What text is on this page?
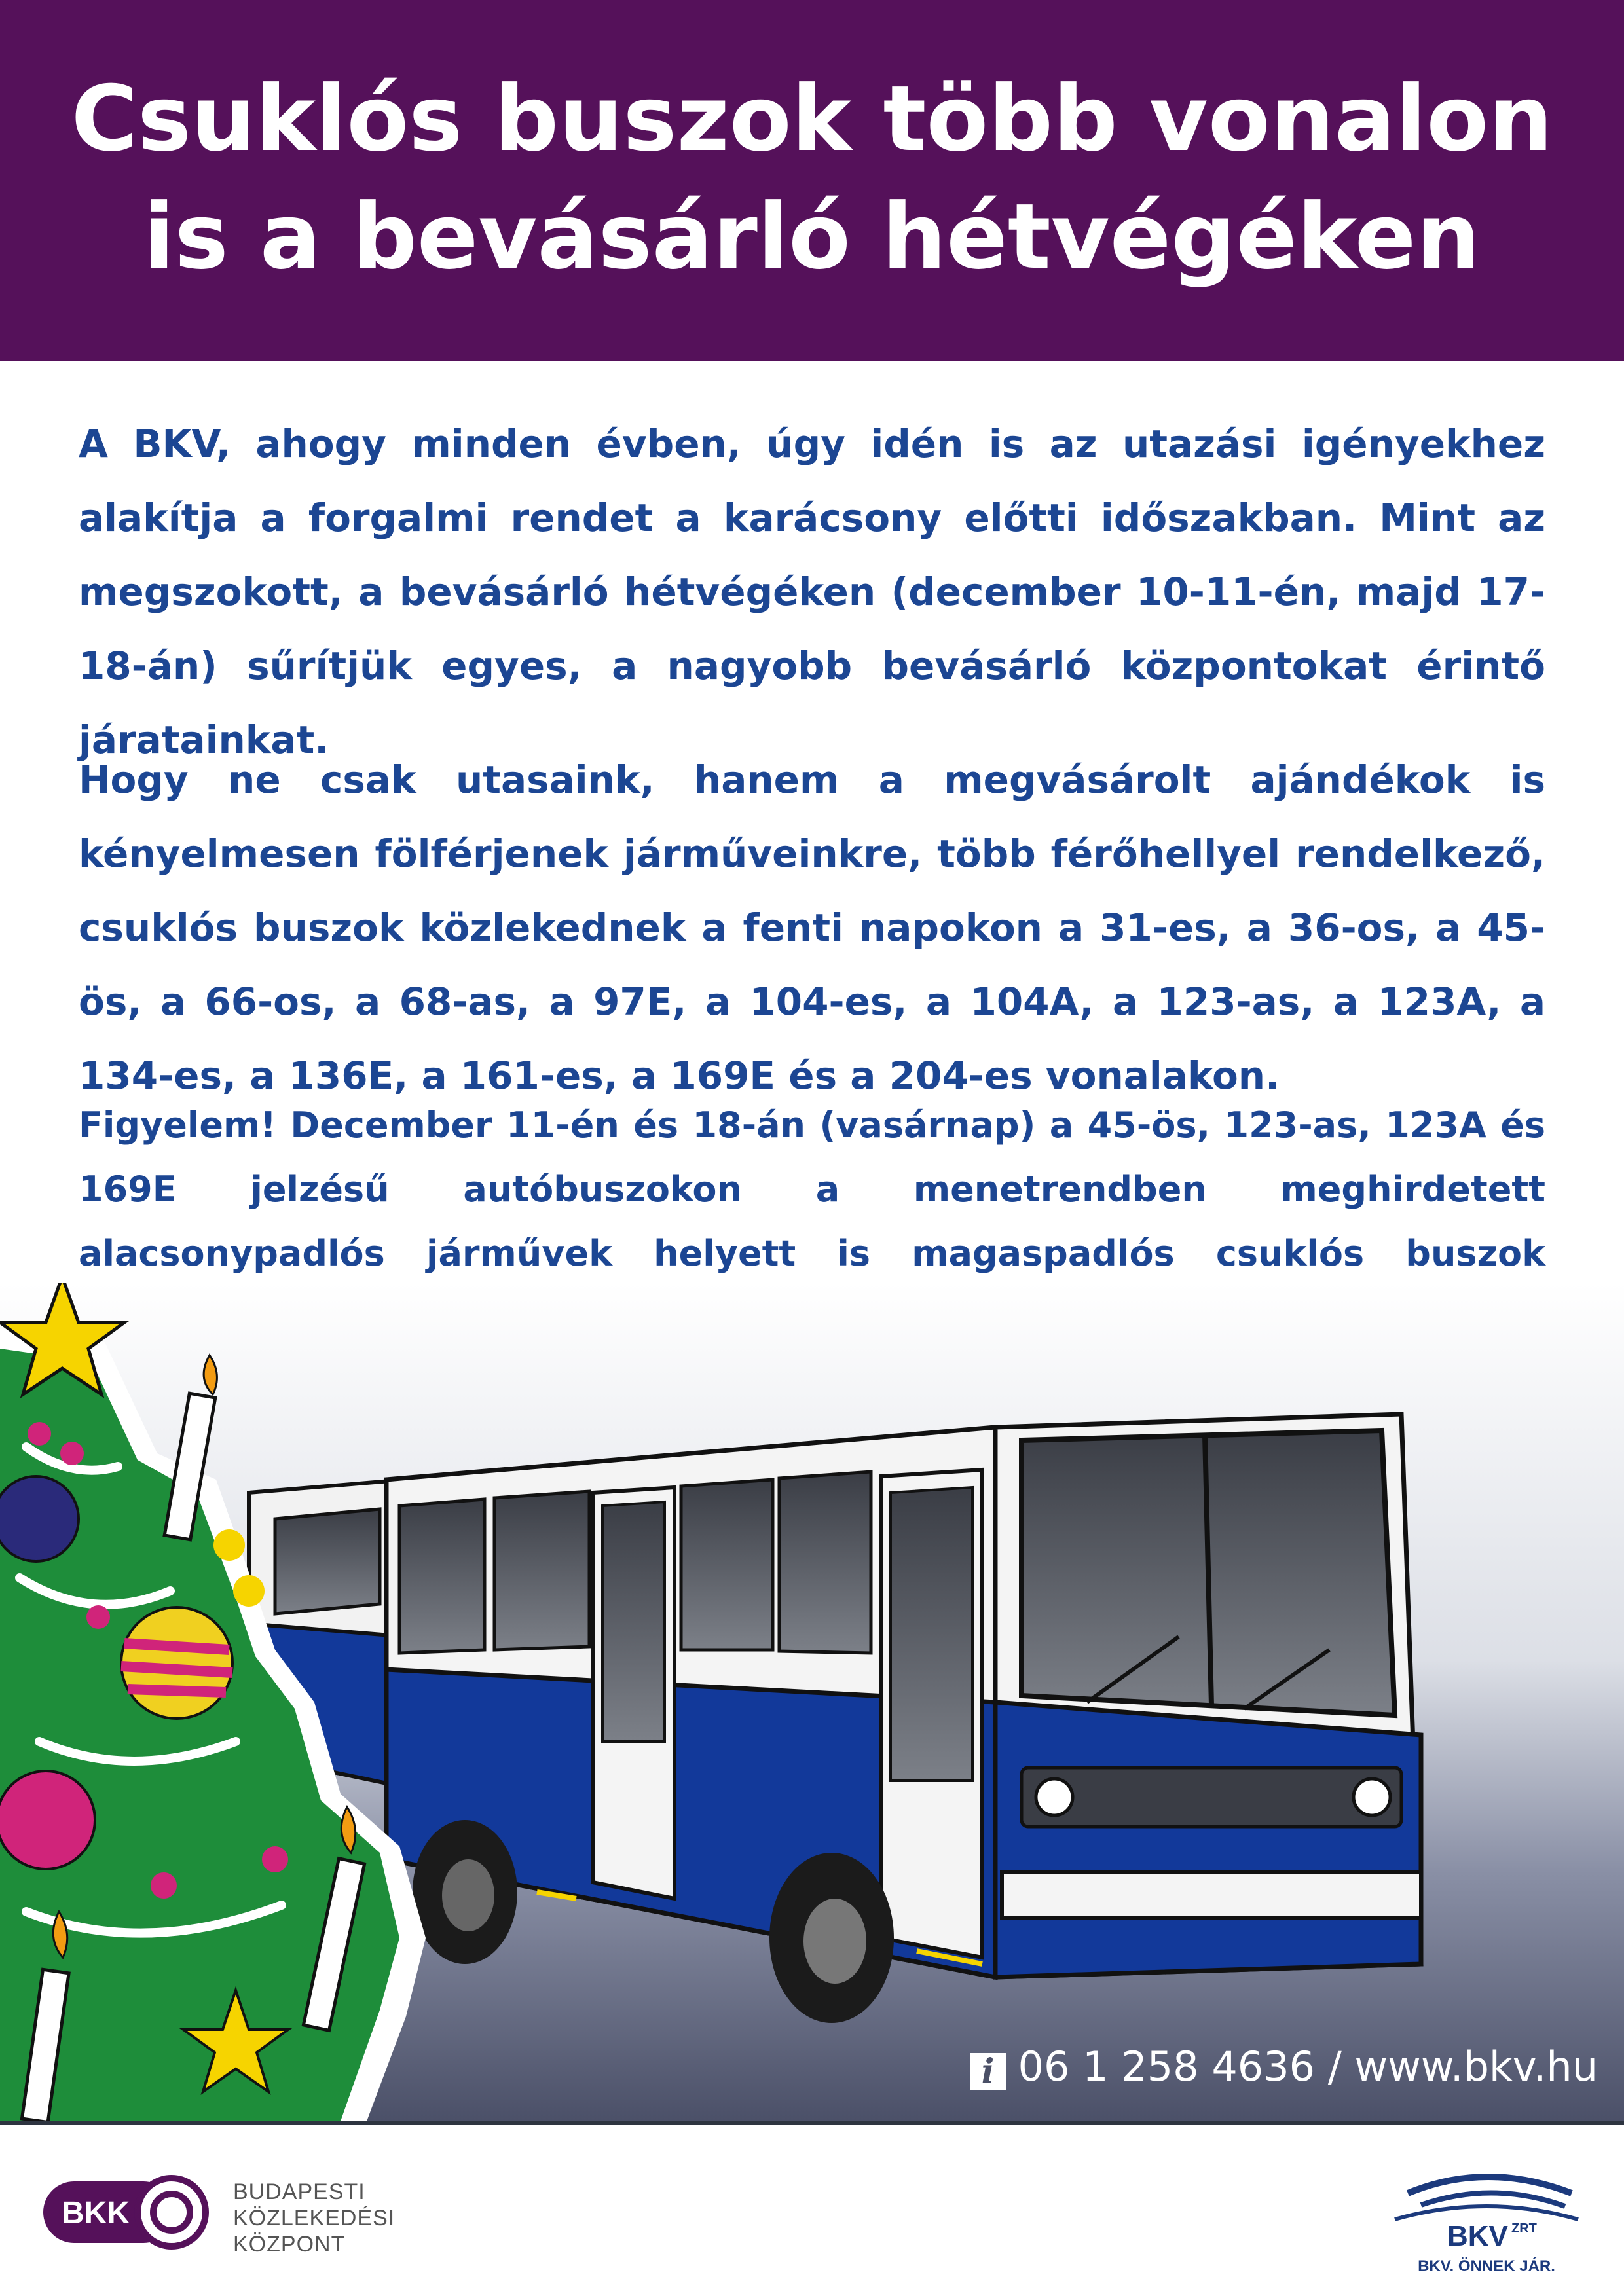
Csuklós buszok több vonalon
is a bevásárló hétvégéken
A BKV, ahogy minden évben, úgy idén is az utazási igényekhez alakítja a forgalmi rendet a karácsony előtti időszakban. Mint az megszokott, a bevásárló hétvégéken (december 10-11-én, majd 17-18-án) sűrítjük egyes, a nagyobb bevásárló központokat érintő járatainkat.
Hogy ne csak utasaink, hanem a megvásárolt ajándékok is kényelmesen fölférjenek járműveinkre, több férőhellyel rendelkező, csuklós buszok közlekednek a fenti napokon a 31-es, a 36-os, a 45-ös, a 66-os, a 68-as, a 97E, a 104-es, a 104A, a 123-as, a 123A, a 134-es, a 136E, a 161-es, a 169E és a 204-es vonalakon.
Figyelem! December 11-én és 18-án (vasárnap) a 45-ös, 123-as, 123A és 169E jelzésű autóbuszokon a menetrendben meghirdetett alacsonypadlós járművek helyett is magaspadlós csuklós buszok
i 06 1 258 4636 / www.bkv.hu
BKK
BUDAPESTI
KÖZLEKEDÉSI
KÖZPONT	BKV ZRT
BKV. ÖNNEK JÁR.
